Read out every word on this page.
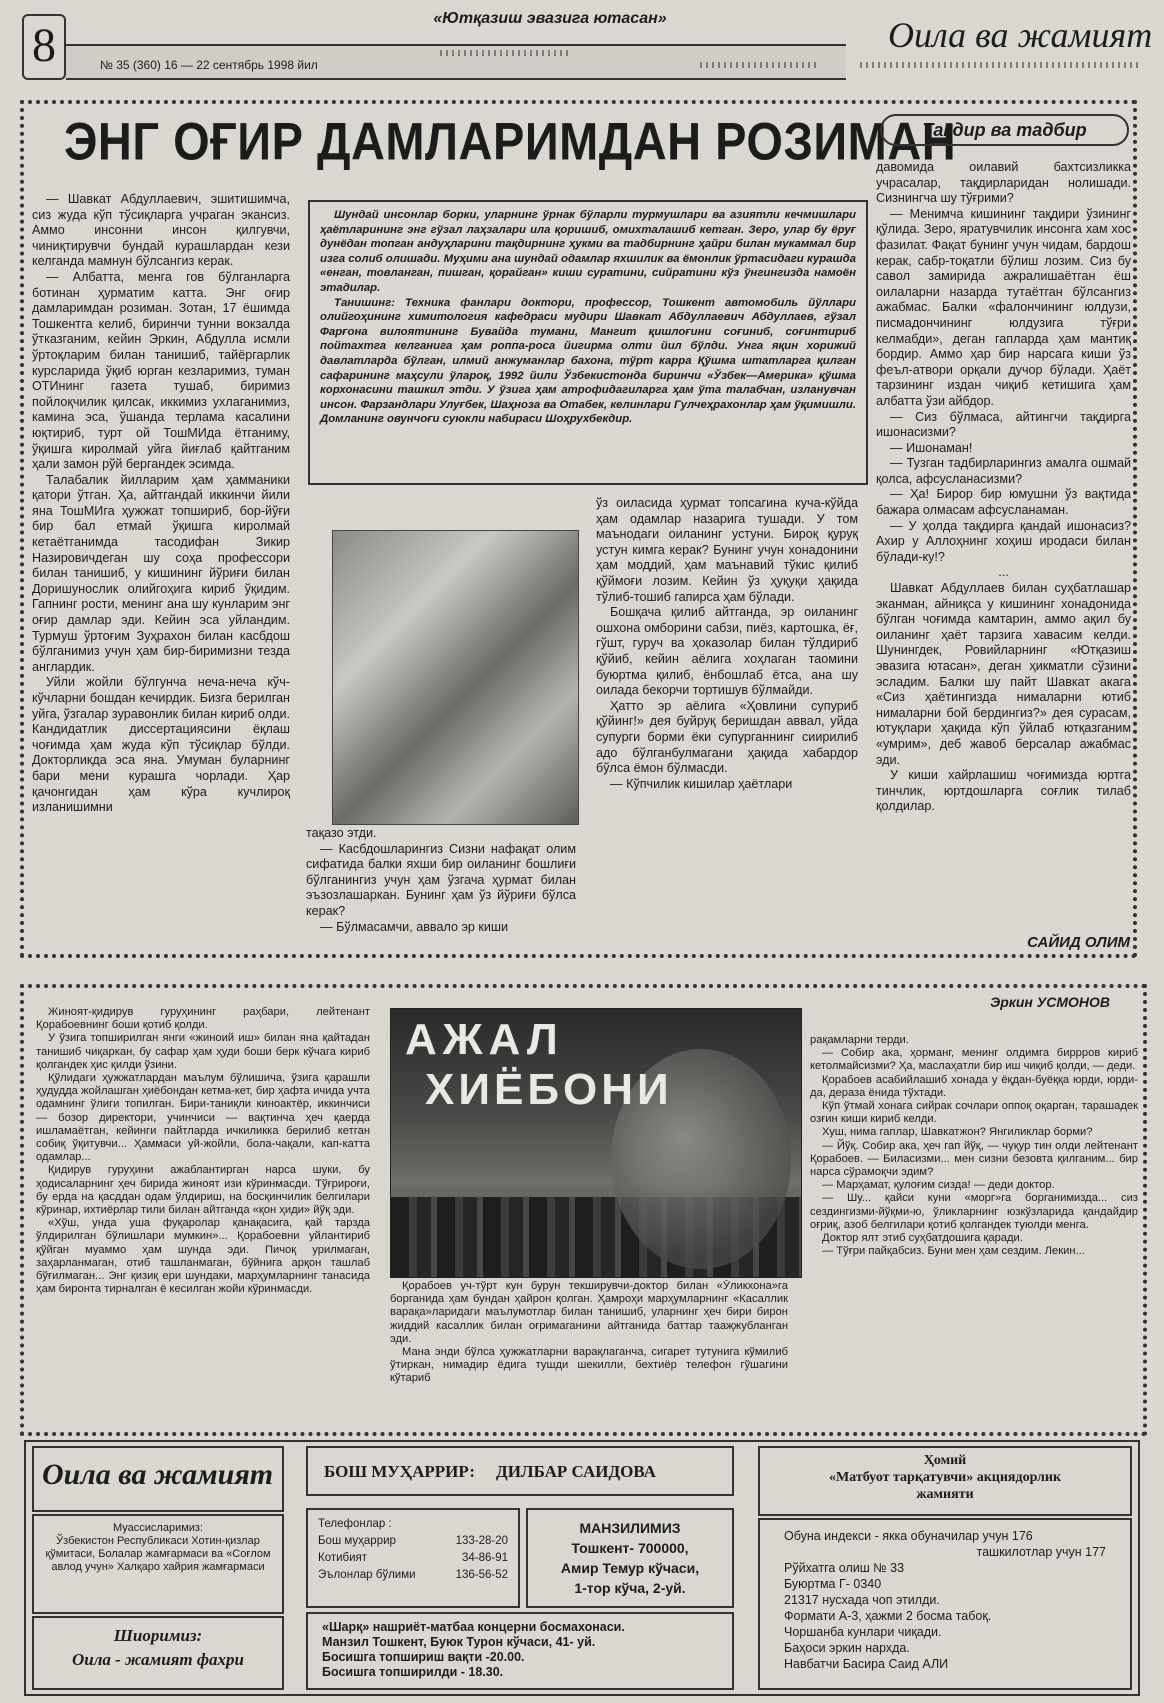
8
«Ютқазиш эвазига ютасан»
№ 35 (360) 16 — 22 сентябрь 1998 йил
Оила ва жамият
ЭНГ ОҒИР ДАМЛАРИМДАН РОЗИМАН
Тақдир ва тадбир

Шундай инсонлар борки, уларнинг ўрнак бўларли турмушлари ва азиятли кечмишлари ҳаётларининг энг гўзал лаҳзалари ила қоришиб, омихталашиб кетган. Зеро, улар бу ёруғ дунёдан топган андуҳларини тақдирнинг ҳукми ва тадбирнинг ҳайри билан мукаммал бир изга солиб олишади. Муҳими ана шундай одамлар яхшилик ва ёмонлик ўртасидаги курашда «енган, товланган, пишган, қорайган» киши суратини, сийратини кўз ўнгингизда намоён этадилар.

Танишинг: Техника фанлари доктори, профессор, Тошкент автомобиль йўллари олийгоҳининг химитология кафедраси мудири Шавкат Абдуллаевич Абдуллаев, гўзал Фарғона вилоятининг Бувайда тумани, Мангит қишлоғини соғиниб, соғинтириб пойтахтга келганига ҳам роппа-роса йигирма олти йил бўлди. Унга яқин хорижий давлатларда бўлган, илмий анжуманлар бахона, тўрт карра Қўшма штатларга қилган сафарининг маҳсули ўлароқ, 1992 йили Ўзбекистонда биринчи «Ўзбек—Америка» қўшма корхонасини ташкил этди. У ўзига ҳам атрофидагиларга ҳам ўта талабчан, изланувчан инсон. Фарзандлари Улуғбек, Шаҳноза ва Отабек, келинлари Гулчеҳрахонлар ҳам ўқимишли. Домланинг овунчоғи суюкли набираси Шоҳрухбекдир.

— Шавкат Абдуллаевич, эшитишимча, сиз жуда кўп тўсиқларга учраган экансиз. Аммо инсонни инсон қилгувчи, чиниқтирувчи бундай курашлардан кези келганда мамнун бўлсангиз керак.

— Албатта, менга гов бўлганларга ботинан ҳурматим катта. Энг оғир дамларимдан розиман. Зотан, 17 ёшимда Тошкентга келиб, биринчи тунни вокзалда ўтказганим, кейин Эркин, Абдулла исмли ўртоқларим билан танишиб, тайёргарлик курсларида ўқиб юрган кезларимиз, туман ОТИнинг газета тушаб, биримиз пойлоқчилик қилсак, иккимиз ухлаганимиз, камина эса, ўшанда терлама касалини юқтириб, турт ой ТошМИда ётганиму, ўқишга киролмай уйга йиғлаб қайтганим ҳали замон рўй бергандек эсимда.

Талабалик йилларим ҳам ҳамманики қатори ўтган. Ҳа, айтгандай иккинчи йили яна ТошМИга ҳужжат топшириб, бор-йўғи бир бал етмай ўқишга киролмай кетаётганимда тасодифан Зикир Назировичдеган шу соҳа профессори билан танишиб, у кишининг йўриғи билан Доришунослик олийгоҳига кириб ўқидим. Гапнинг рости, менинг ана шу кунларим энг оғир дамлар эди. Кейин эса уйландим. Турмуш ўртоғим Зуҳрахон билан касбдош бўлганимиз учун ҳам бир-биримизни тезда англардик.

Уйли жойли бўлгунча неча-неча кўч-кўчларни бошдан кечирдик. Бизга берилган уйга, ўзгалар зуравонлик билан кириб олди. Кандидатлик диссертациясини ёқлаш чоғимда ҳам жуда кўп тўсиқлар бўлди. Докторликда эса яна. Умуман буларнинг бари мени курашга чорлади. Ҳар қачонгидан ҳам кўра кучлироқ изланишимни

тақазо этди.

— Касбдошларингиз Сизни нафақат олим сифатида балки яхши бир оиланинг бошлиғи бўлганингиз учун ҳам ўзгача ҳурмат билан эъзозлашаркан. Бунинг ҳам ўз йўриғи бўлса керак?

— Бўлмасамчи, аввало эр киши

ўз оиласида ҳурмат топсагина куча-кўйда ҳам одамлар назарига тушади. У том маънодаги оиланинг устуни. Бироқ қуруқ устун кимга керак? Бунинг учун хонадонини ҳам моддий, ҳам маънавий тўкис қилиб қўймоғи лозим. Кейин ўз ҳуқуқи ҳақида тўлиб-тошиб гапирса ҳам бўлади.

Бошқача қилиб айтганда, эр оиланинг ошхона омборини сабзи, пиёз, картошка, ёғ, гўшт, гуруч ва ҳоказолар билан тўлдириб қўйиб, кейин аёлига хоҳлаган таомини буюртма қилиб, ёнбошлаб ётса, ана шу оилада бекорчи тортишув бўлмайди.

Ҳатто эр аёлига «Ҳовлини супуриб қўйинг!» дея буйруқ беришдан аввал, уйда супурги борми ёки супурганнинг сиирилиб адо бўлганбулмагани ҳақида хабардор бўлса ёмон бўлмасди.

— Кўпчилик кишилар ҳаётлари

давомида оилавий бахтсизликка учрасалар, тақдирларидан нолишади. Сизнингча шу тўғрими?

— Менимча кишининг тақдири ўзининг қўлида. Зеро, яратувчилик инсонга хам хос фазилат. Фақат бунинг учун чидам, бардош керак, сабр-тоқатли бўлиш лозим. Сиз бу савол замирида ажралишаётган ёш оилаларни назарда тутаётган бўлсангиз ажабмас. Балки «фалончининг юлдузи, писмадончининг юлдузига тўғри келмабди», деган гапларда ҳам мантиқ бордир. Аммо ҳар бир нарсага киши ўз феъл-атвори орқали дучор бўлади. Ҳаёт тарзининг издан чиқиб кетишига ҳам албатта ўзи айбдор.

— Сиз бўлмаса, айтингчи тақдирга ишонасизми?

— Ишонаман!

— Тузган тадбирларингиз амалга ошмай қолса, афсусланасизми?

— Ҳа! Бирор бир юмушни ўз вақтида бажара олмасам афсусланаман.

— У ҳолда тақдирга қандай ишонасиз? Ахир у Аллоҳнинг хоҳиш иродаси билан бўлади-ку!?

...

Шавкат Абдуллаев билан суҳбатлашар эканман, айниқса у кишининг хонадонида бўлган чоғимда камтарин, аммо ақил бу оиланинг ҳаёт тарзига хавасим келди. Шунингдек, Ровийларнинг «Ютқазиш эвазига ютасан», деган ҳикматли сўзини эсладим. Балки шу пайт Шавкат акага «Сиз ҳаётингизда нималарни ютиб нималарни бой бердингиз?» дея сурасам, ютуқлари ҳақида кўп ўйлаб ютқазганим «умрим», деб жавоб берсалар ажабмас эди.

У киши хайрлашиш чоғимизда юртга тинчлик, юртдошларга соғлик тилаб қолдилар.

САЙИД ОЛИМ
Эркин УСМОНОВ

Жиноят-қидирув гуруҳининг раҳбари, лейтенант Қорабоевнинг боши қотиб қолди.

У ўзига топширилган янги «жиноий иш» билан яна қайтадан танишиб чиқаркан, бу сафар ҳам ҳуди боши берк кўчага кириб қолгандек ҳис қилди ўзини.

Қўлидаги ҳужжатлардан маълум бўлишича, ўзига қарашли ҳудудда жойлашган ҳиёбондан кетма-кет, бир ҳафта ичида учта одамнинг ўлиги топилган. Бири-таниқли киноактёр, иккинчиси — бозор директори, учинчиси — вақтинча ҳеч қаерда ишламаётган, кейинги пайтларда ичкиликка берилиб кетган собиқ ўқитувчи... Ҳаммаси уй-жойли, бола-чақали, кап-катта одамлар...

Қидирув гуруҳини ажаблантирган нарса шуки, бу ҳодисаларнинг ҳеч бирида жиноят изи кўринмасди. Тўғрироғи, бу ерда на қасддан одам ўлдириш, на босқинчилик белгилари кўринар, ихтиёрлар тили билан айтганда «қон ҳиди» йўқ эди.

«Хўш, унда уша фуқаролар қанақасига, қай тарзда ўлдирилган бўлишлари мумкин»... Қорабоевни уйлантириб қўйган муаммо ҳам шунда эди. Пичоқ урилмаган, заҳарланмаган, отиб ташланмаган, бўйнига арқон ташлаб бўғилмаган... Энг қизиқ ери шундаки, марҳумларнинг танасида ҳам биронта тирналган ё кесилган жойи кўринмасди.

АЖАЛ
ХИЁБОНИ

Қорабоев уч-тўрт кун бурун текширувчи-доктор билан «Ўликхона»га борганида ҳам бундан ҳайрон қолган. Ҳамроҳи марҳумларнинг «Касаллик варақа»ларидаги маълумотлар билан танишиб, уларнинг ҳеч бири бирон жиддий касаллик билан оғримаганини айтганида баттар тааҗжубланган эди.

Мана энди бўлса ҳужжатларни варақлаганча, сигарет тутунига кўмилиб ўтиркан, нимадир ёдига тушди шекилли, бехтиёр телефон гўшагини кўтариб

рақамларни терди.

— Собир ака, ҳорманг, менинг олдимга биррров кириб кетолмайсизми? Ҳа, маслаҳатли бир иш чиқиб қолди, — деди.

Қорабоев асабийлашиб хонада у ёқдан-буёққа юрди, юрди-да, дераза ёнида тўхтади.

Кўп ўтмай хонага сийрак сочлари оппоқ оқарган, тарашадек озғин киши кириб келди.

Хуш, нима гаплар, Шавкатжон? Янгиликлар борми?

— Йўқ. Собир ака, ҳеч гап йўқ, — чуқур тин олди лейтенант Қорабоев. — Биласизми... мен сизни безовта қилганим... бир нарса сўрамоқчи эдим?

— Марҳамат, қулоғим сизда! — деди доктор.

— Шу... қайси куни «морг»га борганимизда... сиз сездингизми-йўқми-ю, ўликларнинг юзкўзларида қандайдир оғриқ, азоб белгилари қотиб қолгандек туюлди менга.

Доктор ялт этиб суҳбатдошига қаради.

— Тўғри пайқабсиз. Буни мен ҳам сездим. Лекин...

Оила ва жамият
Муассисларимиз:
Ўзбекистон Республикаси Хотин-қизлар қўмитаси, Болалар жамғармаси ва «Соғлом авлод учун» Халқаро хайрия жамғармаси
Шиоримиз:
Оила - жамият фахри
БОШ МУҲАРРИР: ДИЛБАР САИДОВА
Телефонлар :
Бош муҳаррир	133-28-20
Котибият	34-86-91
Эълонлар бўлими	136-56-52
МАНЗИЛИМИЗ
Тошкент- 700000,
Амир Темур кўчаси,
1-тор кўча, 2-уй.
«Шарқ» нашриёт-матбаа концерни босмахонаси.
Манзил Тошкент, Буюк Турон кўчаси, 41- уй.
Босишга топшириш вақти -20.00.
Босишга топширилди - 18.30.
Ҳомий
«Матбуот тарқатувчи» акциядорлик жамияти
Обуна индекси - якка обуначилар учун 176
ташкилотлар учун 177
Рўйхатга олиш № 33
Буюртма Г- 0340
21317 нусхада чоп этилди.
Формати А-3, ҳажми 2 босма табоқ.
Чоршанба кунлари чиқади.
Баҳоси эркин нархда.
Навбатчи Басира Саид АЛИ
